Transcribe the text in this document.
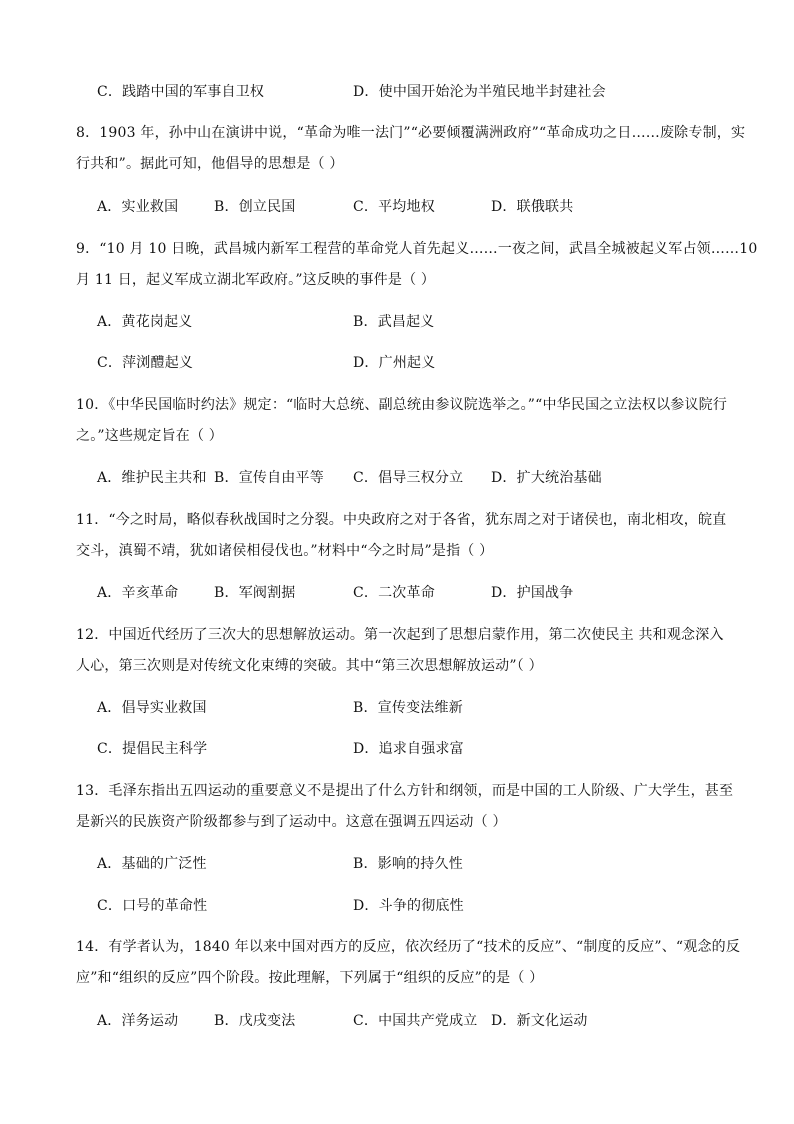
C．践踏中国的军事自卫权	D．使中国开始沦为半殖民地半封建社会
8．1903 年，孙中山在演讲中说，“革命为唯一法门”“必要倾覆满洲政府”“革命成功之日……废除专制，实
行共和”。据此可知，他倡导的思想是（ ）
A．实业救国	B．创立民国	C．平均地权	D．联俄联共
9．“10 月 10 日晚，武昌城内新军工程营的革命党人首先起义……一夜之间，武昌全城被起义军占领……10
月 11 日，起义军成立湖北军政府。”这反映的事件是（ ）
A．黄花岗起义	B．武昌起义
C．萍浏醴起义	D．广州起义
10．《中华民国临时约法》规定：“临时大总统、副总统由参议院选举之。”“中华民国之立法权以参议院行
之。”这些规定旨在（ ）
A．维护民主共和 B．宣传自由平等 C．倡导三权分立 D．扩大统治基础
11．“今之时局，略似春秋战国时之分裂。中央政府之对于各省，犹东周之对于诸侯也，南北相攻，皖直
交斗，滇蜀不靖，犹如诸侯相侵伐也。”材料中“今之时局”是指（ ）
A．辛亥革命	B．军阀割据	C．二次革命	D．护国战争
12．中国近代经历了三次大的思想解放运动。第一次起到了思想启蒙作用，第二次使民主 共和观念深入
人心，第三次则是对传统文化束缚的突破。其中“第三次思想解放运动”（ ）
A．倡导实业救国	B．宣传变法维新
C．提倡民主科学	D．追求自强求富
13．毛泽东指出五四运动的重要意义不是提出了什么方针和纲领，而是中国的工人阶级、广大学生，甚至
是新兴的民族资产阶级都参与到了运动中。这意在强调五四运动（ ）
A．基础的广泛性	B．影响的持久性
C．口号的革命性	D．斗争的彻底性
14．有学者认为，1840 年以来中国对西方的反应，依次经历了“技术的反应”、“制度的反应”、“观念的反
应”和“组织的反应”四个阶段。按此理解，下列属于“组织的反应”的是（ ）
A．洋务运动	B．戊戌变法	C．中国共产党成立 D．新文化运动
